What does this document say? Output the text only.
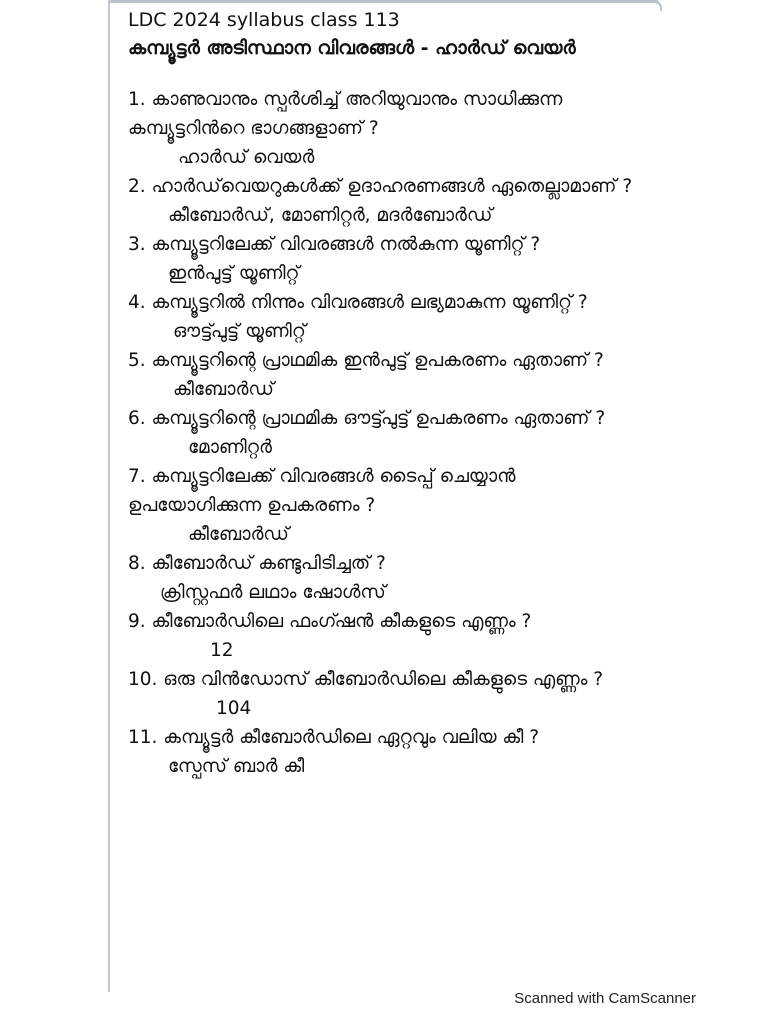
LDC 2024 syllabus class 113

കമ്പ്യൂട്ടർ അടിസ്ഥാന വിവരങ്ങൾ - ഹാർഡ് വെയർ

1. കാണുവാനും സ്പർശിച്ച് അറിയുവാനും സാധിക്കുന്ന കമ്പ്യൂട്ടറിൻറെ ഭാഗങ്ങളാണ് ?

ഹാർഡ് വെയർ

2. ഹാർഡ്‌വെയറുകൾക്ക് ഉദാഹരണങ്ങൾ ഏതെല്ലാമാണ് ?

കീബോർഡ്, മോണിറ്റർ, മദർബോർഡ്

3. കമ്പ്യൂട്ടറിലേക്ക് വിവരങ്ങൾ നൽകുന്ന യൂണിറ്റ് ?

ഇൻപുട്ട് യൂണിറ്റ്

4. കമ്പ്യൂട്ടറിൽ നിന്നും വിവരങ്ങൾ ലഭ്യമാകുന്ന യൂണിറ്റ് ?

ഔട്ട്പുട്ട് യൂണിറ്റ്

5. കമ്പ്യൂട്ടറിന്റെ പ്രാഥമിക ഇൻപുട്ട് ഉപകരണം ഏതാണ് ?

കീബോർഡ്

6. കമ്പ്യൂട്ടറിന്റെ പ്രാഥമിക ഔട്ട്പുട്ട് ഉപകരണം ഏതാണ് ?

മോണിറ്റർ

7. കമ്പ്യൂട്ടറിലേക്ക് വിവരങ്ങൾ ടൈപ്പ് ചെയ്യാൻ ഉപയോഗിക്കുന്ന ഉപകരണം ?

കീബോർഡ്

8. കീബോർഡ് കണ്ടുപിടിച്ചത് ?

ക്രിസ്റ്റഫർ ലഥാം ഷോൾസ്

9. കീബോർഡിലെ ഫംഗ്ഷൻ കീകളുടെ എണ്ണം ?

12

10. ഒരു വിൻഡോസ് കീബോർഡിലെ കീകളുടെ എണ്ണം ?

104

11. കമ്പ്യൂട്ടർ കീബോർഡിലെ ഏറ്റവും വലിയ കീ ?

സ്പേസ് ബാർ കീ

Scanned with CamScanner
